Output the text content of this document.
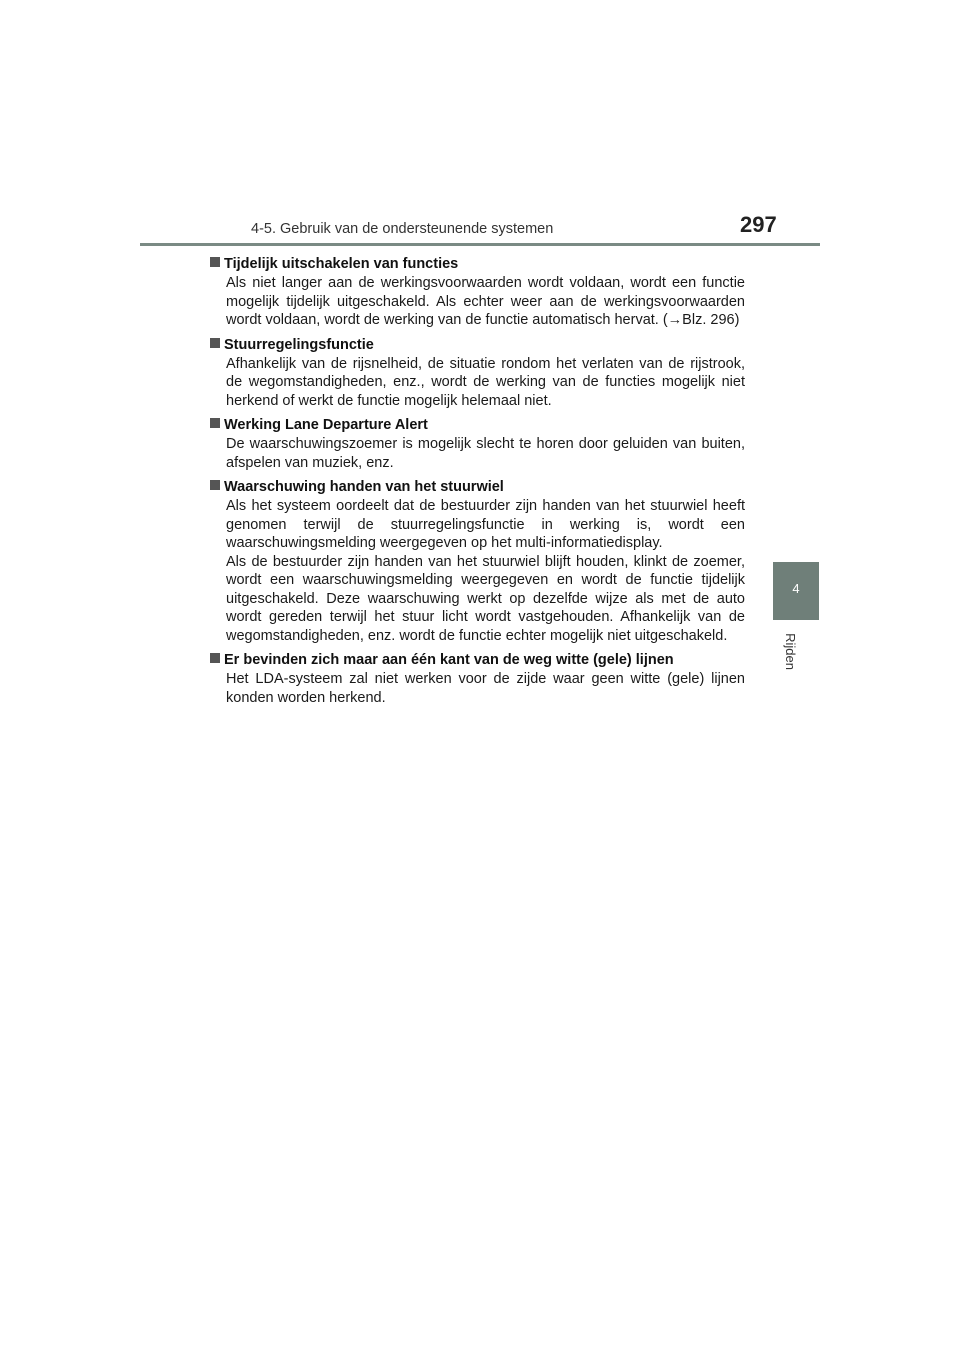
4-5. Gebruik van de ondersteunende systemen	297
4
Rijden
Tijdelijk uitschakelen van functies

Als niet langer aan de werkingsvoorwaarden wordt voldaan, wordt een functie mogelijk tijdelijk uitgeschakeld. Als echter weer aan de werkingsvoorwaarden wordt voldaan, wordt de werking van de functie automatisch hervat. (→Blz. 296)

Stuurregelingsfunctie

Afhankelijk van de rijsnelheid, de situatie rondom het verlaten van de rijstrook, de wegomstandigheden, enz., wordt de werking van de functies mogelijk niet herkend of werkt de functie mogelijk helemaal niet.

Werking Lane Departure Alert

De waarschuwingszoemer is mogelijk slecht te horen door geluiden van buiten, afspelen van muziek, enz.

Waarschuwing handen van het stuurwiel

Als het systeem oordeelt dat de bestuurder zijn handen van het stuurwiel heeft genomen terwijl de stuurregelingsfunctie in werking is, wordt een waarschuwingsmelding weergegeven op het multi-informatiedisplay.

Als de bestuurder zijn handen van het stuurwiel blijft houden, klinkt de zoemer, wordt een waarschuwingsmelding weergegeven en wordt de functie tijdelijk uitgeschakeld. Deze waarschuwing werkt op dezelfde wijze als met de auto wordt gereden terwijl het stuur licht wordt vastgehouden. Afhankelijk van de wegomstandigheden, enz. wordt de functie echter mogelijk niet uitgeschakeld.

Er bevinden zich maar aan één kant van de weg witte (gele) lijnen

Het LDA-systeem zal niet werken voor de zijde waar geen witte (gele) lijnen konden worden herkend.
